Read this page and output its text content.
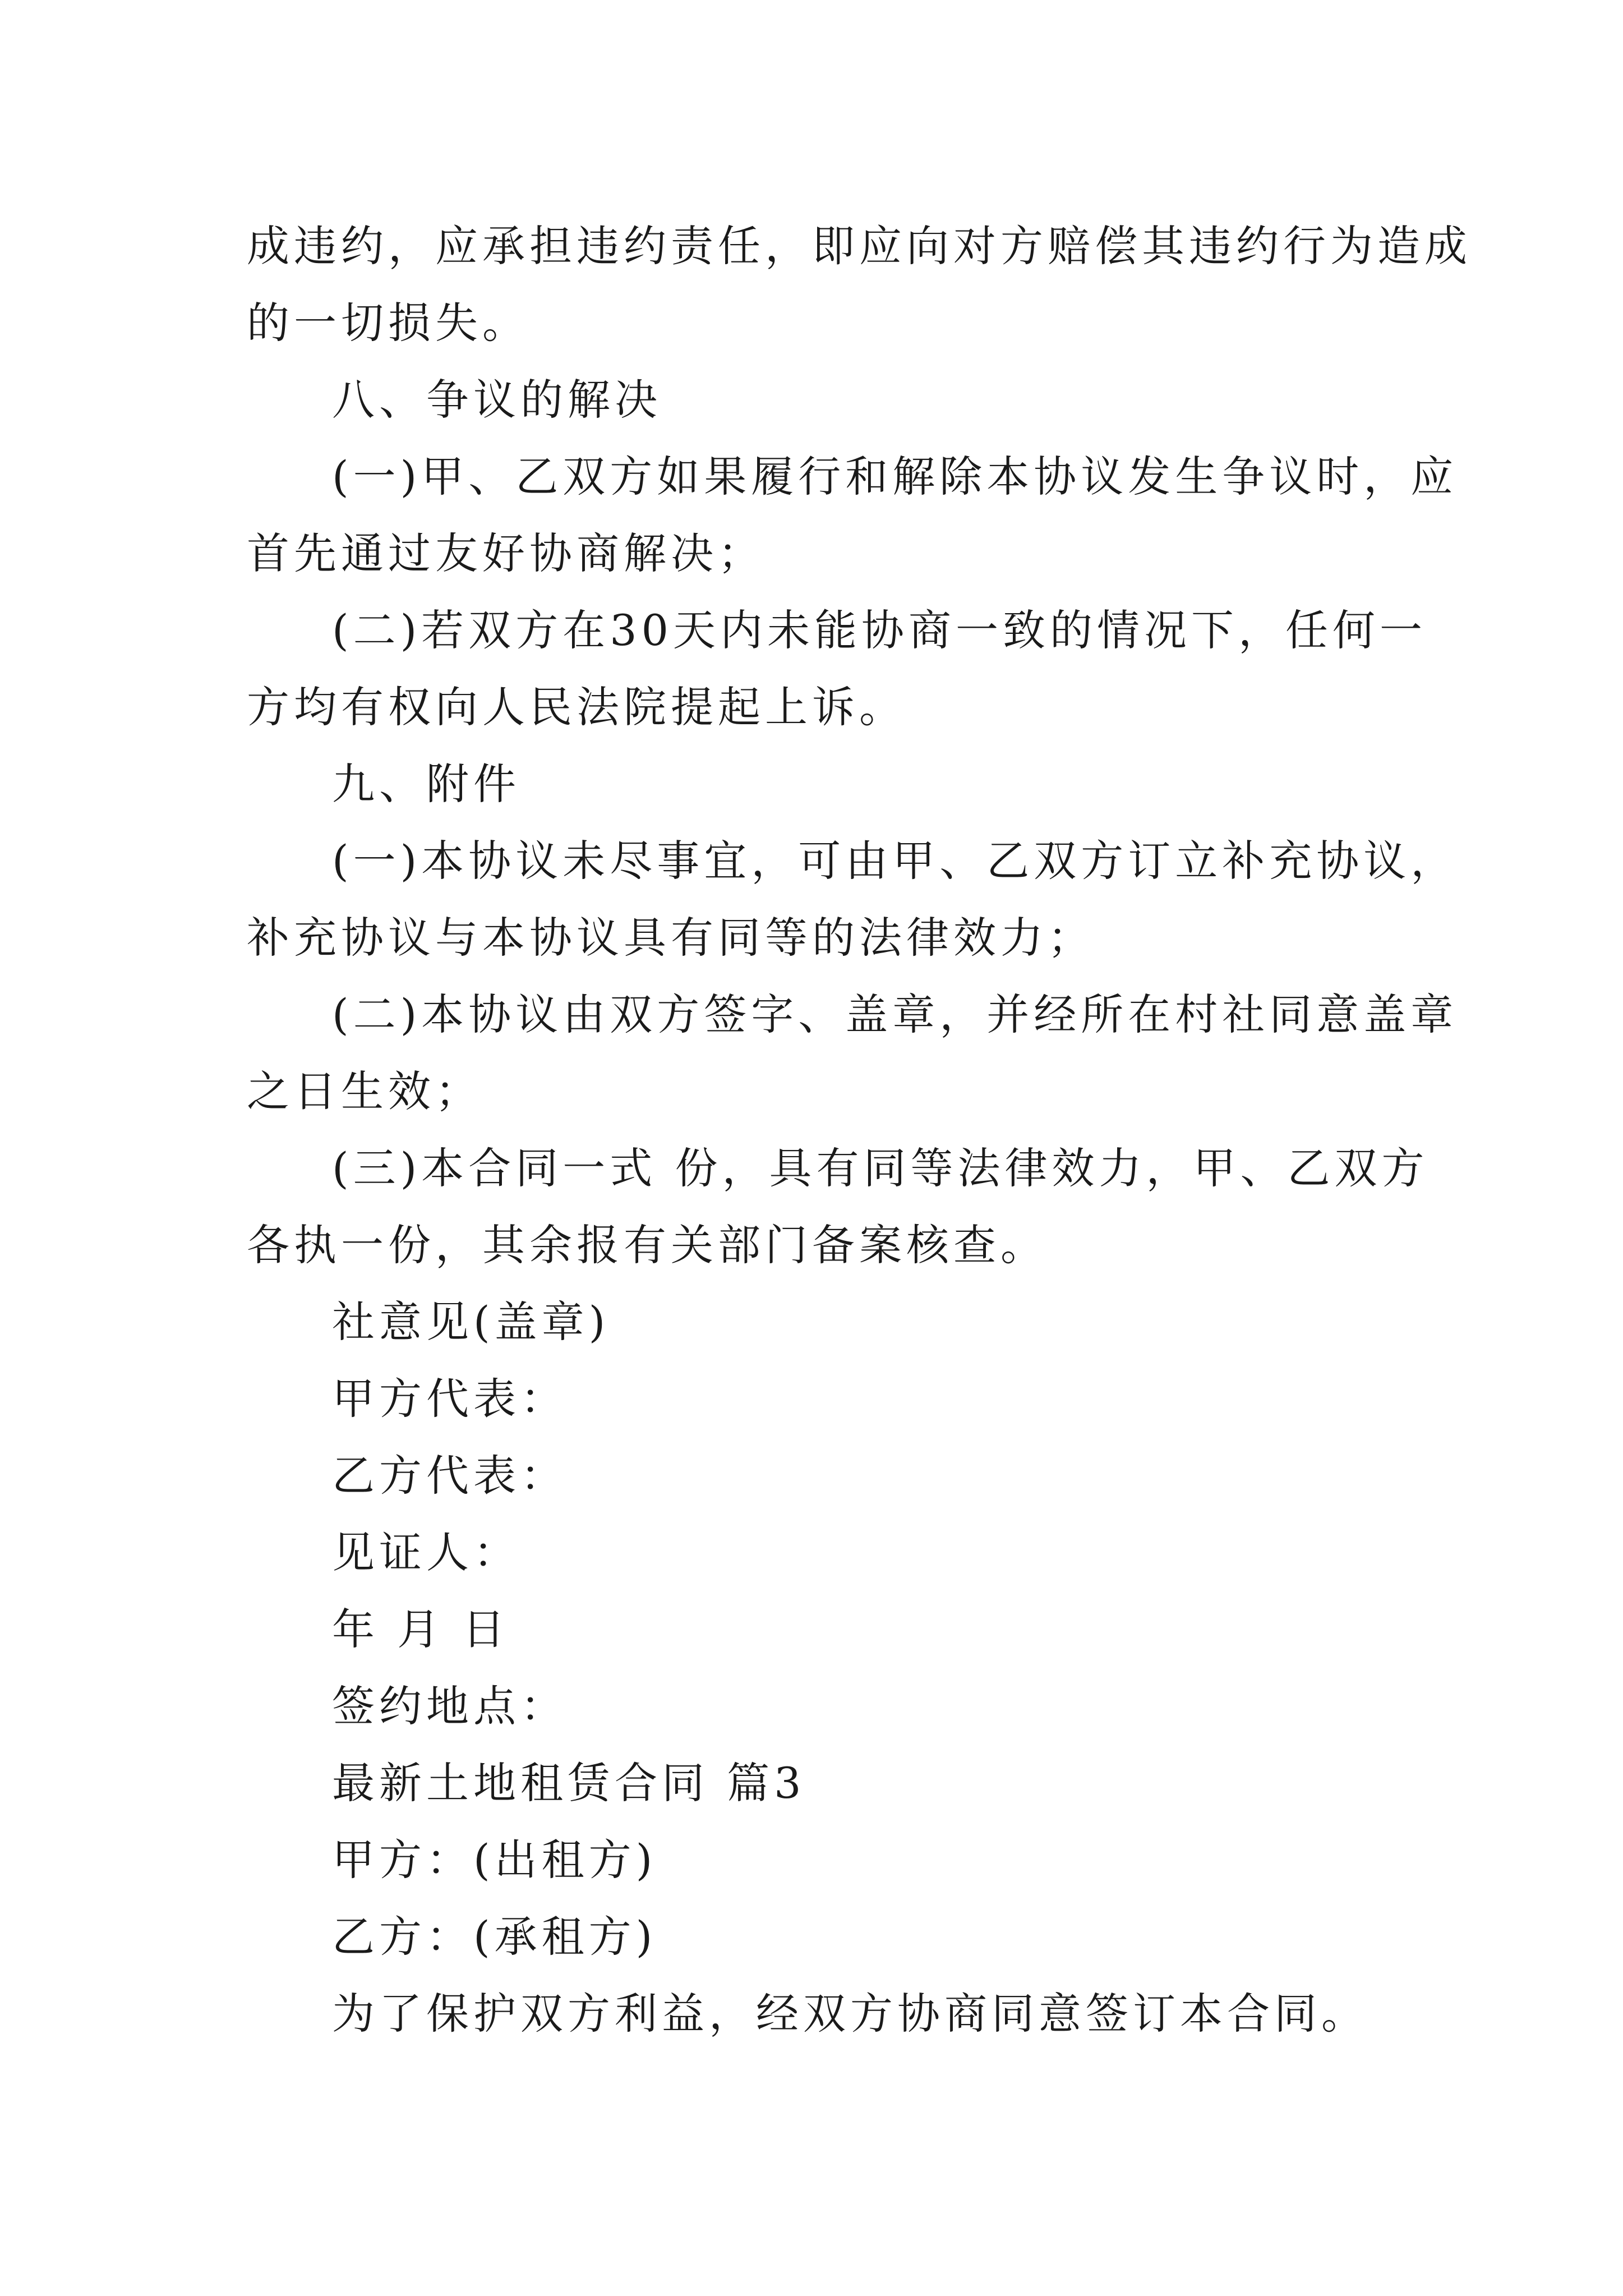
成违约，应承担违约责任，即应向对方赔偿其违约行为造成
的一切损失。
八、争议的解决
(一)甲、乙双方如果履行和解除本协议发生争议时，应
首先通过友好协商解决；
(二)若双方在30天内未能协商一致的情况下，任何一
方均有权向人民法院提起上诉。
九、附件
(一)本协议未尽事宜，可由甲、乙双方订立补充协议，
补充协议与本协议具有同等的法律效力；
(二)本协议由双方签字、盖章，并经所在村社同意盖章
之日生效；
(三)本合同一式 份，具有同等法律效力，甲、乙双方
各执一份，其余报有关部门备案核查。
社意见(盖章)
甲方代表：
乙方代表：
见证人：
年 月 日
签约地点：
最新土地租赁合同 篇3
甲方：(出租方)
乙方：(承租方)
为了保护双方利益，经双方协商同意签订本合同。
